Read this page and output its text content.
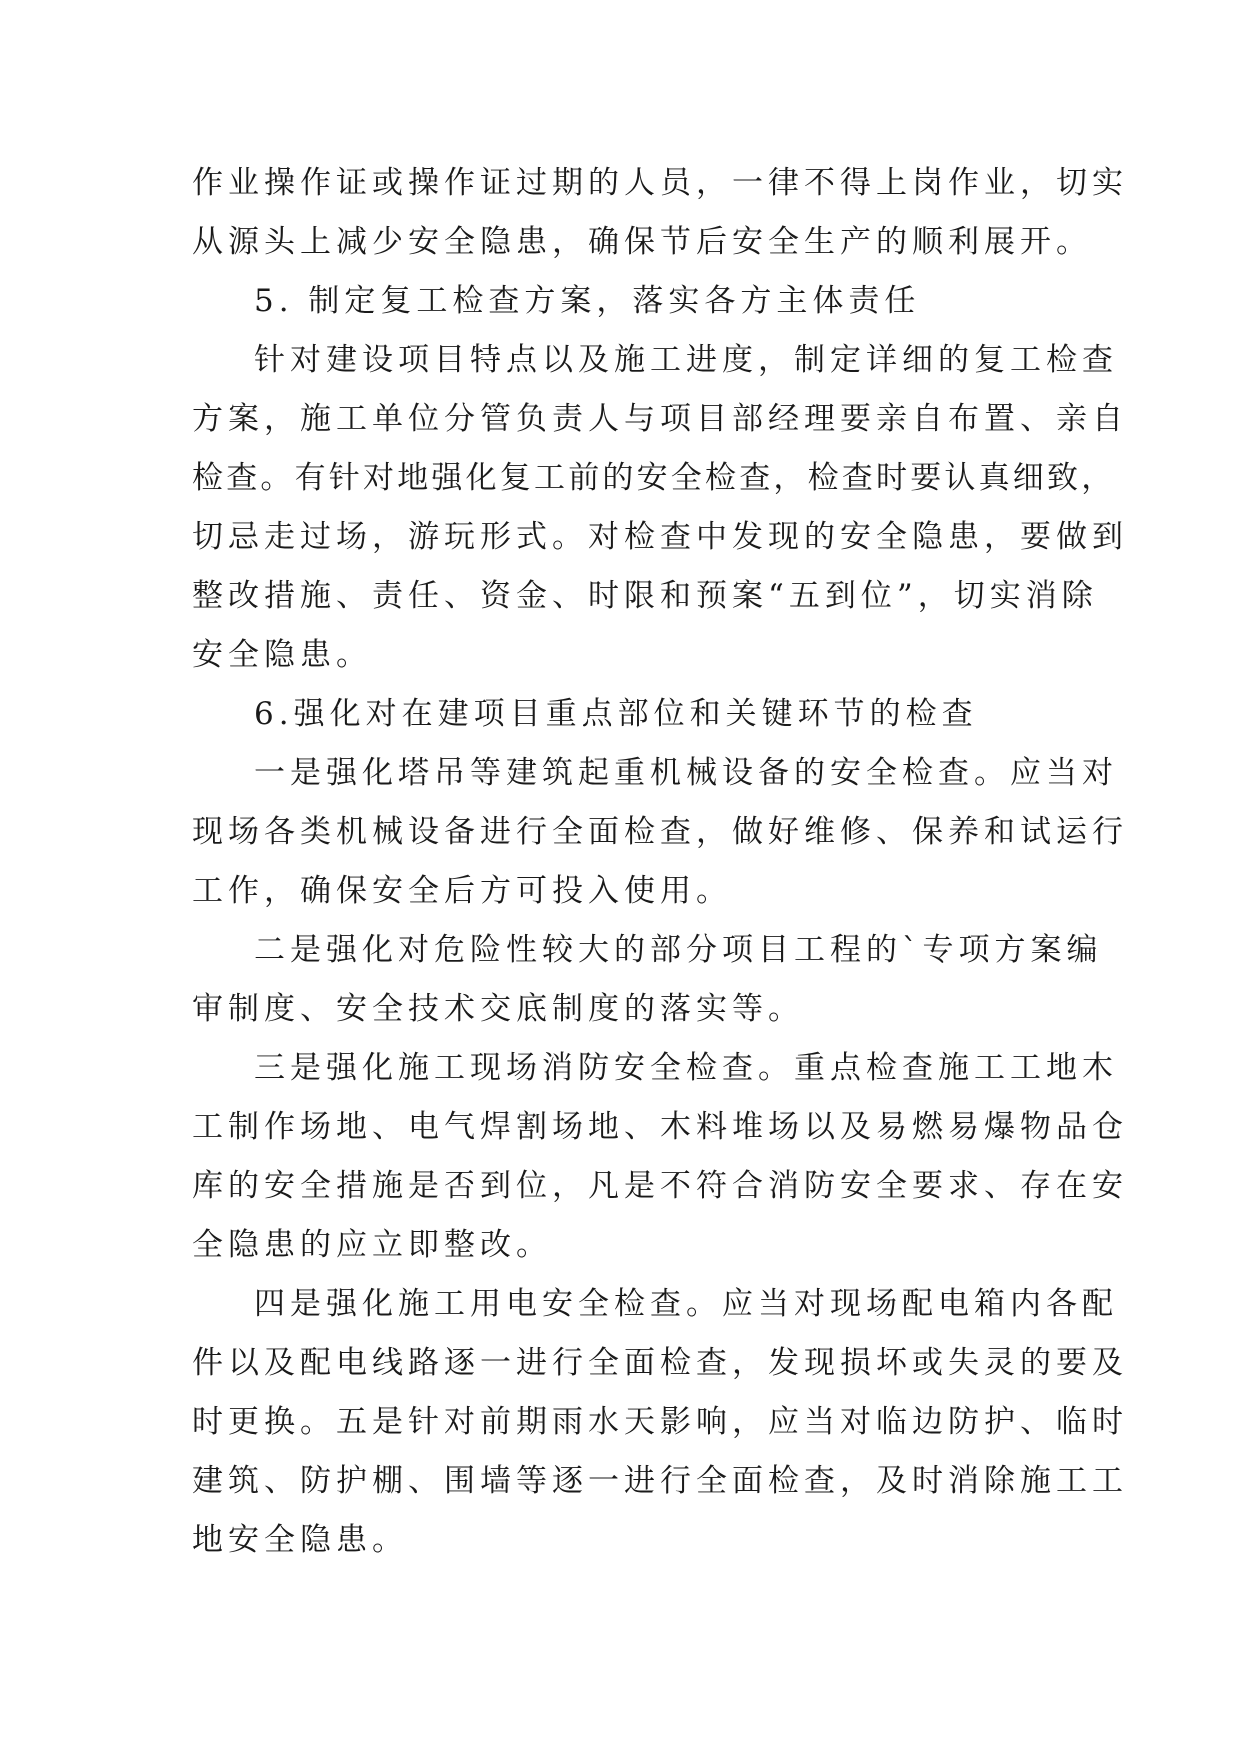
作业操作证或操作证过期的人员，一律不得上岗作业，切实
从源头上减少安全隐患，确保节后安全生产的顺利展开。
5. 制定复工检查方案，落实各方主体责任
针对建设项目特点以及施工进度，制定详细的复工检查
方案，施工单位分管负责人与项目部经理要亲自布置、亲自
检查。有针对地强化复工前的安全检查，检查时要认真细致，
切忌走过场，游玩形式。对检查中发现的安全隐患，要做到
整改措施、责任、资金、时限和预案“五到位”，切实消除
安全隐患。
6.强化对在建项目重点部位和关键环节的检查
一是强化塔吊等建筑起重机械设备的安全检查。应当对
现场各类机械设备进行全面检查，做好维修、保养和试运行
工作，确保安全后方可投入使用。
二是强化对危险性较大的部分项目工程的`专项方案编
审制度、安全技术交底制度的落实等。
三是强化施工现场消防安全检查。重点检查施工工地木
工制作场地、电气焊割场地、木料堆场以及易燃易爆物品仓
库的安全措施是否到位，凡是不符合消防安全要求、存在安
全隐患的应立即整改。
四是强化施工用电安全检查。应当对现场配电箱内各配
件以及配电线路逐一进行全面检查，发现损坏或失灵的要及
时更换。五是针对前期雨水天影响，应当对临边防护、临时
建筑、防护棚、围墙等逐一进行全面检查，及时消除施工工
地安全隐患。
